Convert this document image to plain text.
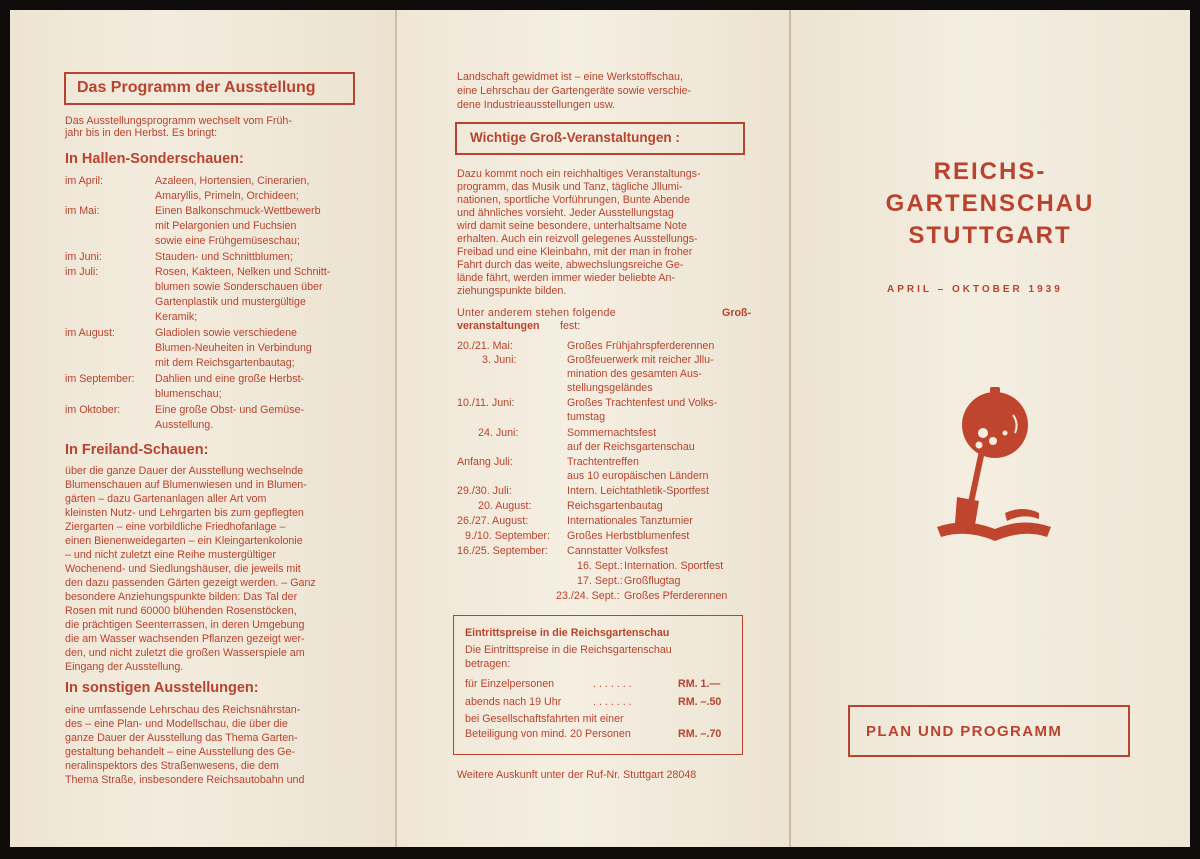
Das Programm der Ausstellung
Das Ausstellungsprogramm wechselt vom Früh-
jahr bis in den Herbst. Es bringt:
In Hallen-Sonderschauen:
im April:	Azaleen, Hortensien, Cinerarien,
Amaryllis, Primeln, Orchideen;
im Mai:	Einen Balkonschmuck-Wettbewerb
mit Pelargonien und Fuchsien
sowie eine Frühgemüseschau;
im Juni:	Stauden- und Schnittblumen;
im Juli:	Rosen, Kakteen, Nelken und Schnitt-
blumen sowie Sonderschauen über
Gartenplastik und mustergültige
Keramik;
im August:	Gladiolen sowie verschiedene
Blumen-Neuheiten in Verbindung
mit dem Reichsgartenbautag;
im September: Dahlien und eine große Herbst-
blumenschau;
im Oktober:	Eine große Obst- und Gemüse-
Ausstellung.
In Freiland-Schauen:
über die ganze Dauer der Ausstellung wechselnde
Blumenschauen auf Blumenwiesen und in Blumen-
gärten – dazu Gartenanlagen aller Art vom
kleinsten Nutz- und Lehrgarten bis zum gepflegten
Ziergarten – eine vorbildliche Friedhofanlage –
einen Bienenweidegarten – ein Kleingartenkolonie
– und nicht zuletzt eine Reihe mustergültiger
Wochenend- und Siedlungshäuser, die jeweils mit
den dazu passenden Gärten gezeigt werden. – Ganz
besondere Anziehungspunkte bilden: Das Tal der
Rosen mit rund 60000 blühenden Rosenstöcken,
die prächtigen Seenterrassen, in deren Umgebung
die am Wasser wachsenden Pflanzen gezeigt wer-
den, und nicht zuletzt die großen Wasserspiele am
Eingang der Ausstellung.
In sonstigen Ausstellungen:
eine umfassende Lehrschau des Reichsnährstan-
des – eine Plan- und Modellschau, die über die
ganze Dauer der Ausstellung das Thema Garten-
gestaltung behandelt – eine Ausstellung des Ge-
neralinspektors des Straßenwesens, die dem
Thema Straße, insbesondere Reichsautobahn und
Landschaft gewidmet ist – eine Werkstoffschau,
eine Lehrschau der Gartengeräte sowie verschie-
dene Industrieausstellungen usw.
Wichtige Groß-Veranstaltungen :
Dazu kommt noch ein reichhaltiges Veranstaltungs-
programm, das Musik und Tanz, tägliche Jllumi-
nationen, sportliche Vorführungen, Bunte Abende
und ähnliches vorsieht. Jeder Ausstellungstag
wird damit seine besondere, unterhaltsame Note
erhalten. Auch ein reizvoll gelegenes Ausstellungs-
Freibad und eine Kleinbahn, mit der man in froher
Fahrt durch das weite, abwechslungsreiche Ge-
lände fährt, werden immer wieder beliebte An-
ziehungspunkte bilden.
Unter anderem stehen folgende	Groß-
veranstaltungen fest:
20./21. Mai:	Großes Frühjahrspferderennen
3. Juni:	Großfeuerwerk mit reicher Jllu-
mination des gesamten Aus-
stellungsgeländes
10./11. Juni:	Großes Trachtenfest und Volks-
tumstag
24. Juni:	Sommernachtsfest
auf der Reichsgartenschau
Anfang Juli:	Trachtentreffen
aus 10 europäischen Ländern
29./30. Juli:	Intern. Leichtathletik-Sportfest
20. August:	Reichsgartenbautag
26./27. August:	Internationales Tanzturnier
9./10. September: Großes Herbstblumenfest
16./25. September: Cannstatter Volksfest
16. Sept.: Internation. Sportfest
17. Sept.: Großflugtag
23./24. Sept.: Großes Pferderennen
Eintrittspreise in die Reichsgartenschau
Die Eintrittspreise in die Reichsgartenschau
betragen:
für Einzelpersonen	. . . . . . .	RM. 1.—
abends nach 19 Uhr	. . . . . . .	RM. –.50
bei Gesellschaftsfahrten mit einer
Beteiligung von mind. 20 Personen	RM. –.70
Weitere Auskunft unter der Ruf-Nr. Stuttgart 28048
REICHS-
GARTENSCHAU
STUTTGART
APRIL – OKTOBER 1939
PLAN UND PROGRAMM
